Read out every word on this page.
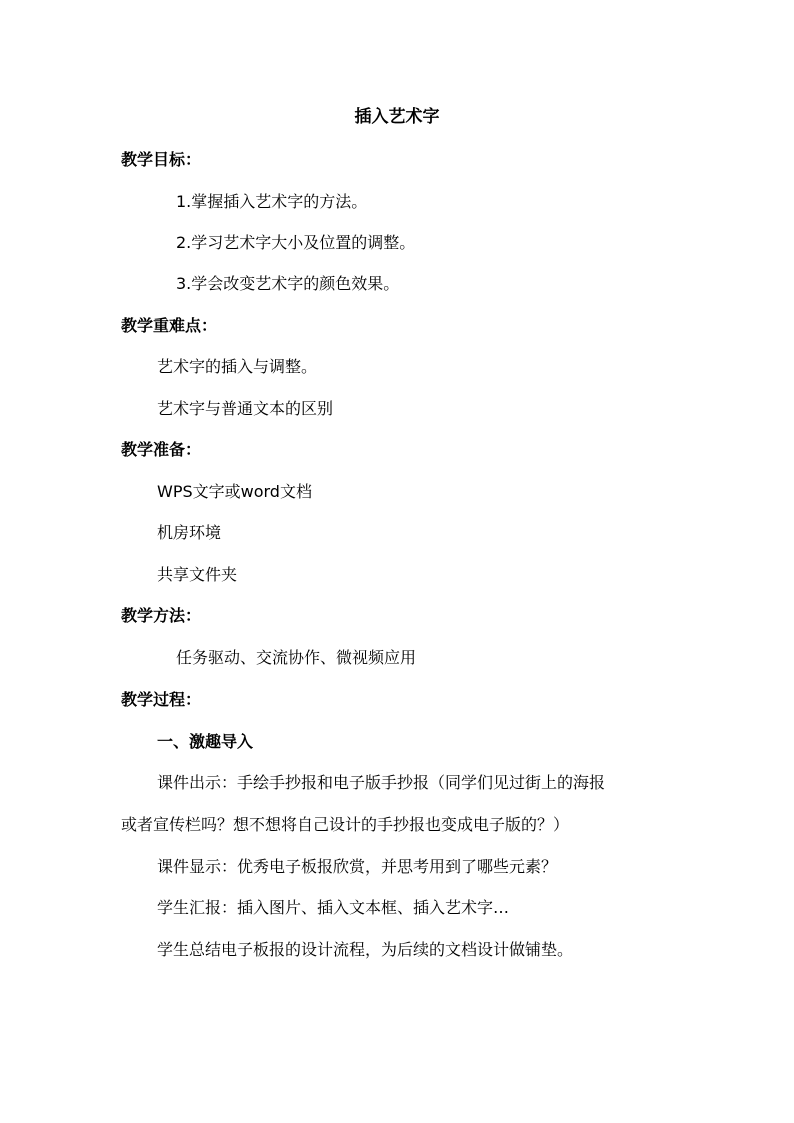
插入艺术字
教学目标：
1.掌握插入艺术字的方法。
2.学习艺术字大小及位置的调整。
3.学会改变艺术字的颜色效果。
教学重难点：
艺术字的插入与调整。
艺术字与普通文本的区别
教学准备：
WPS文字或word文档
机房环境
共享文件夹
教学方法：
任务驱动、交流协作、微视频应用
教学过程：
一、激趣导入
课件出示：手绘手抄报和电子版手抄报（同学们见过街上的海报
或者宣传栏吗？想不想将自己设计的手抄报也变成电子版的？）
课件显示：优秀电子板报欣赏，并思考用到了哪些元素？
学生汇报：插入图片、插入文本框、插入艺术字…
学生总结电子板报的设计流程，为后续的文档设计做铺垫。
